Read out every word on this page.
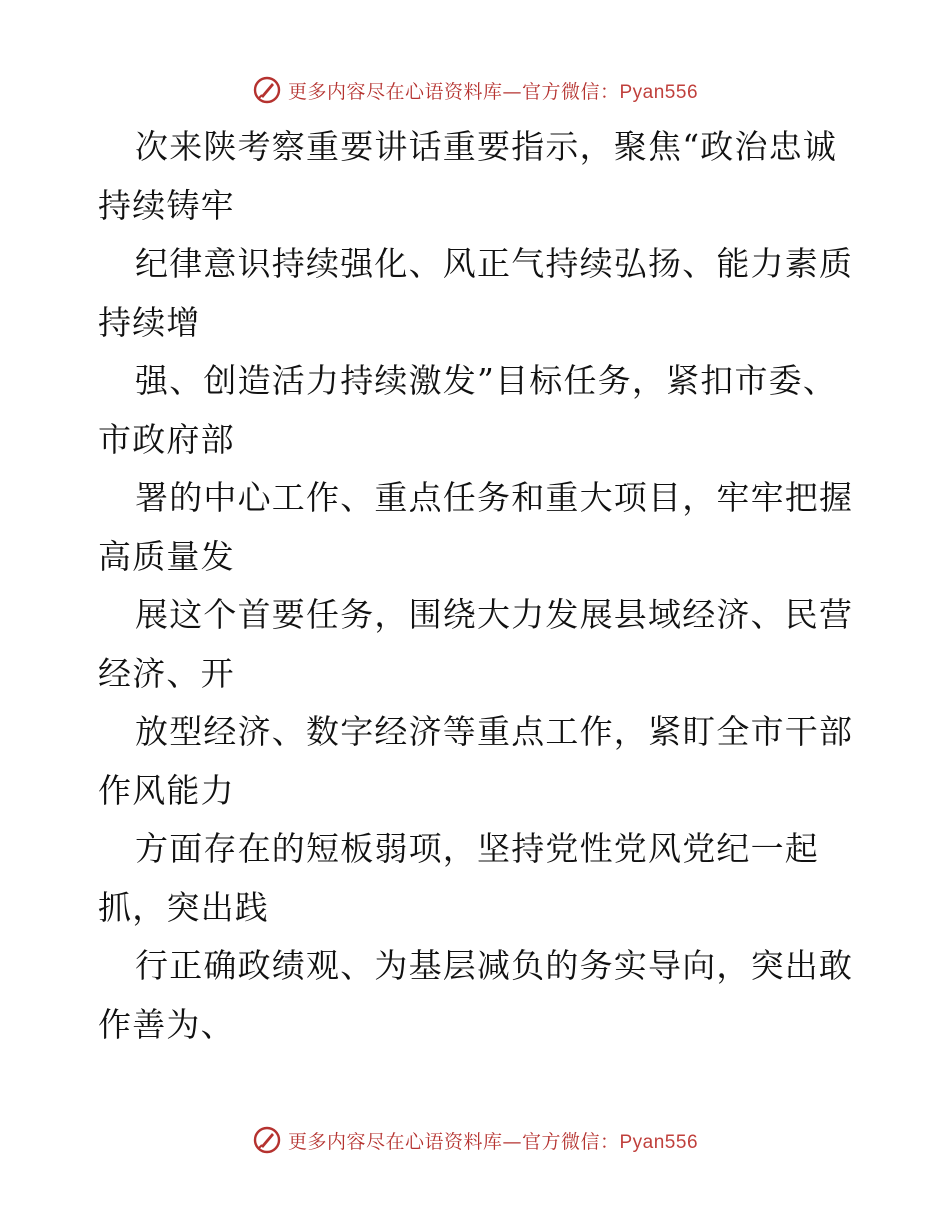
更多内容尽在心语资料库—官方微信：Pyan556
次来陕考察重要讲话重要指示，聚焦“政治忠诚
持续铸牢
纪律意识持续强化、风正气持续弘扬、能力素质
持续增
强、创造活力持续激发”目标任务，紧扣市委、
市政府部
署的中心工作、重点任务和重大项目，牢牢把握
高质量发
展这个首要任务，围绕大力发展县域经济、民营
经济、开
放型经济、数字经济等重点工作，紧盯全市干部
作风能力
方面存在的短板弱项，坚持党性党风党纪一起
抓，突出践
行正确政绩观、为基层减负的务实导向，突出敢
作善为、
更多内容尽在心语资料库—官方微信：Pyan556
